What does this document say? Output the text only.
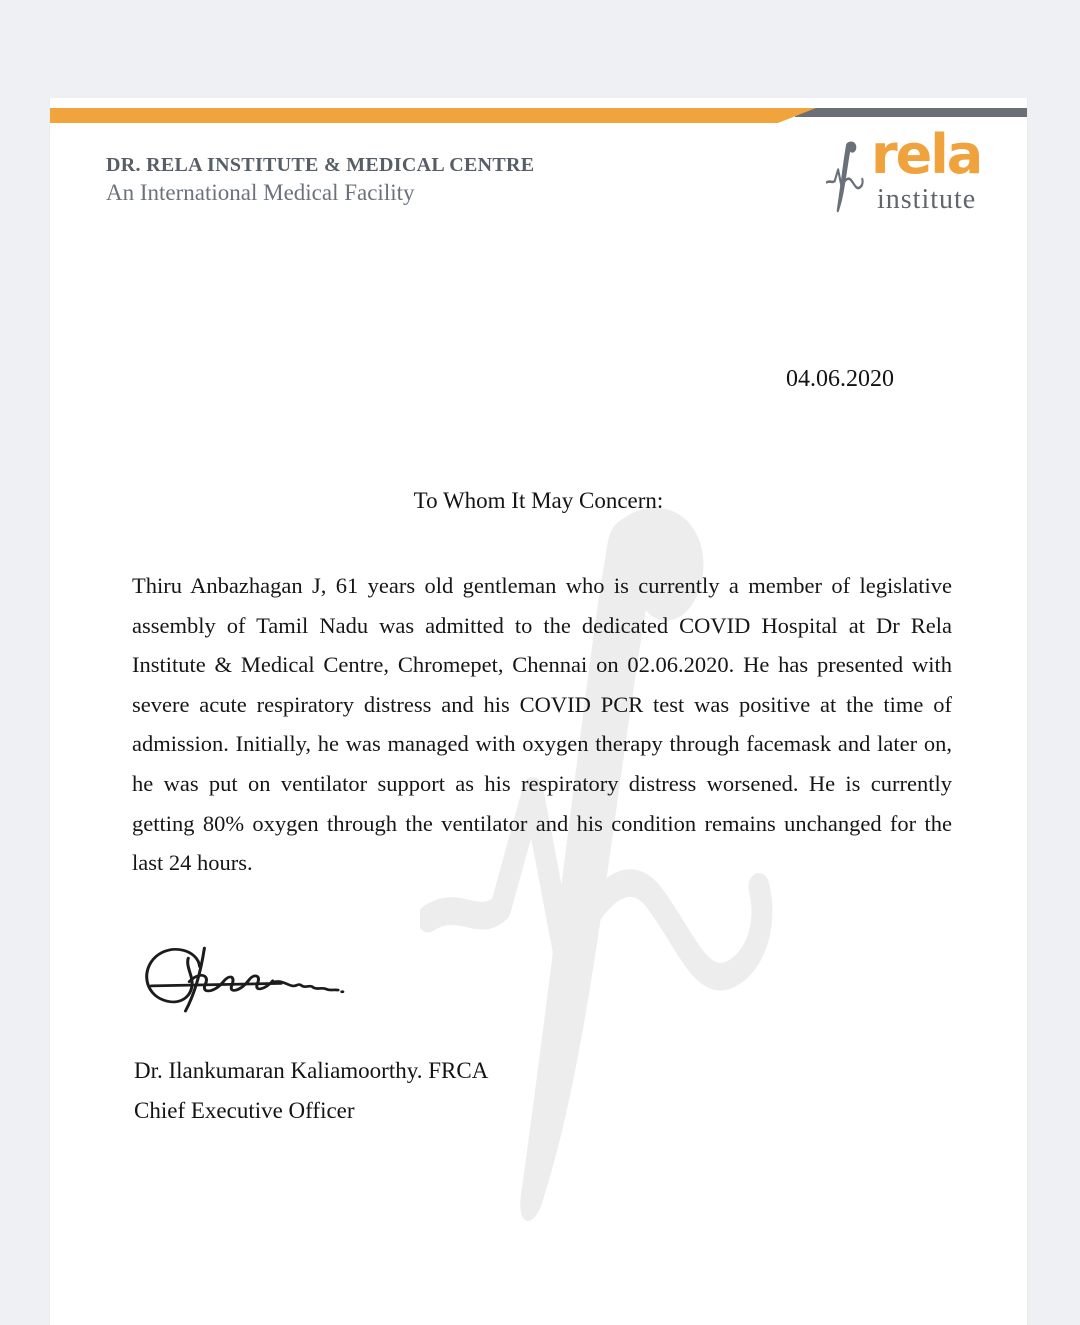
DR. RELA INSTITUTE & MEDICAL CENTRE
An International Medical Facility
rela
institute
04.06.2020
To Whom It May Concern:
Thiru Anbazhagan J, 61 years old gentleman who is currently a member of legislative
assembly of Tamil Nadu was admitted to the dedicated COVID Hospital at Dr Rela
Institute & Medical Centre, Chromepet, Chennai on 02.06.2020. He has presented with
severe acute respiratory distress and his COVID PCR test was positive at the time of
admission. Initially, he was managed with oxygen therapy through facemask and later on,
he was put on ventilator support as his respiratory distress worsened. He is currently
getting 80% oxygen through the ventilator and his condition remains unchanged for the
last 24 hours.
Dr. Ilankumaran Kaliamoorthy. FRCA
Chief Executive Officer
